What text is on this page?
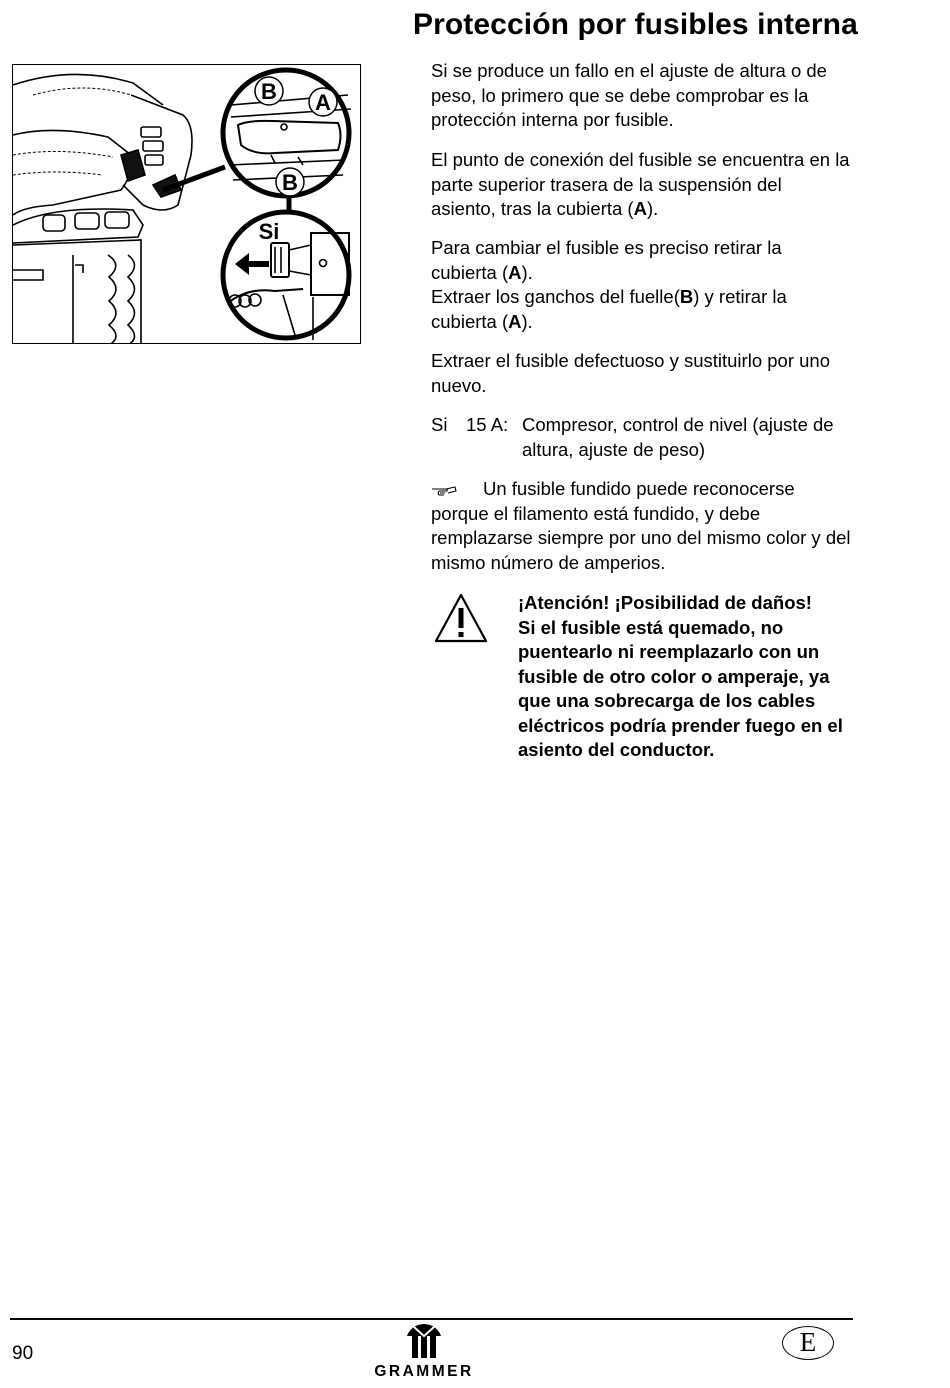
Protección por fusibles interna
B A
B
Si

Si se produce un fallo en el ajuste de altura o de peso, lo primero que se debe comprobar es la protección interna por fusible.

El punto de conexión del fusible se encuentra en la parte superior trasera de la suspensión del asiento, tras la cubierta (A).

Para cambiar el fusible es preciso retirar la cubierta (A).

Extraer los ganchos del fuelle(B) y retirar la cubierta (A).

Extraer el fusible defectuoso y sustituirlo por uno nuevo.

Si 15 A: Compresor, control de nivel (ajuste de altura, ajuste de peso)
Un fusible fundido puede reconocerse porque el filamento está fundido, y debe remplazarse siempre por uno del mismo color y del mismo número de amperios.
¡Atención! ¡Posibilidad de daños!
Si el fusible está quemado, no puentearlo ni reemplazarlo con un fusible de otro color o amperaje, ya que una sobrecarga de los cables eléctricos podría prender fuego en el asiento del conductor.
90
GRAMMER
E
